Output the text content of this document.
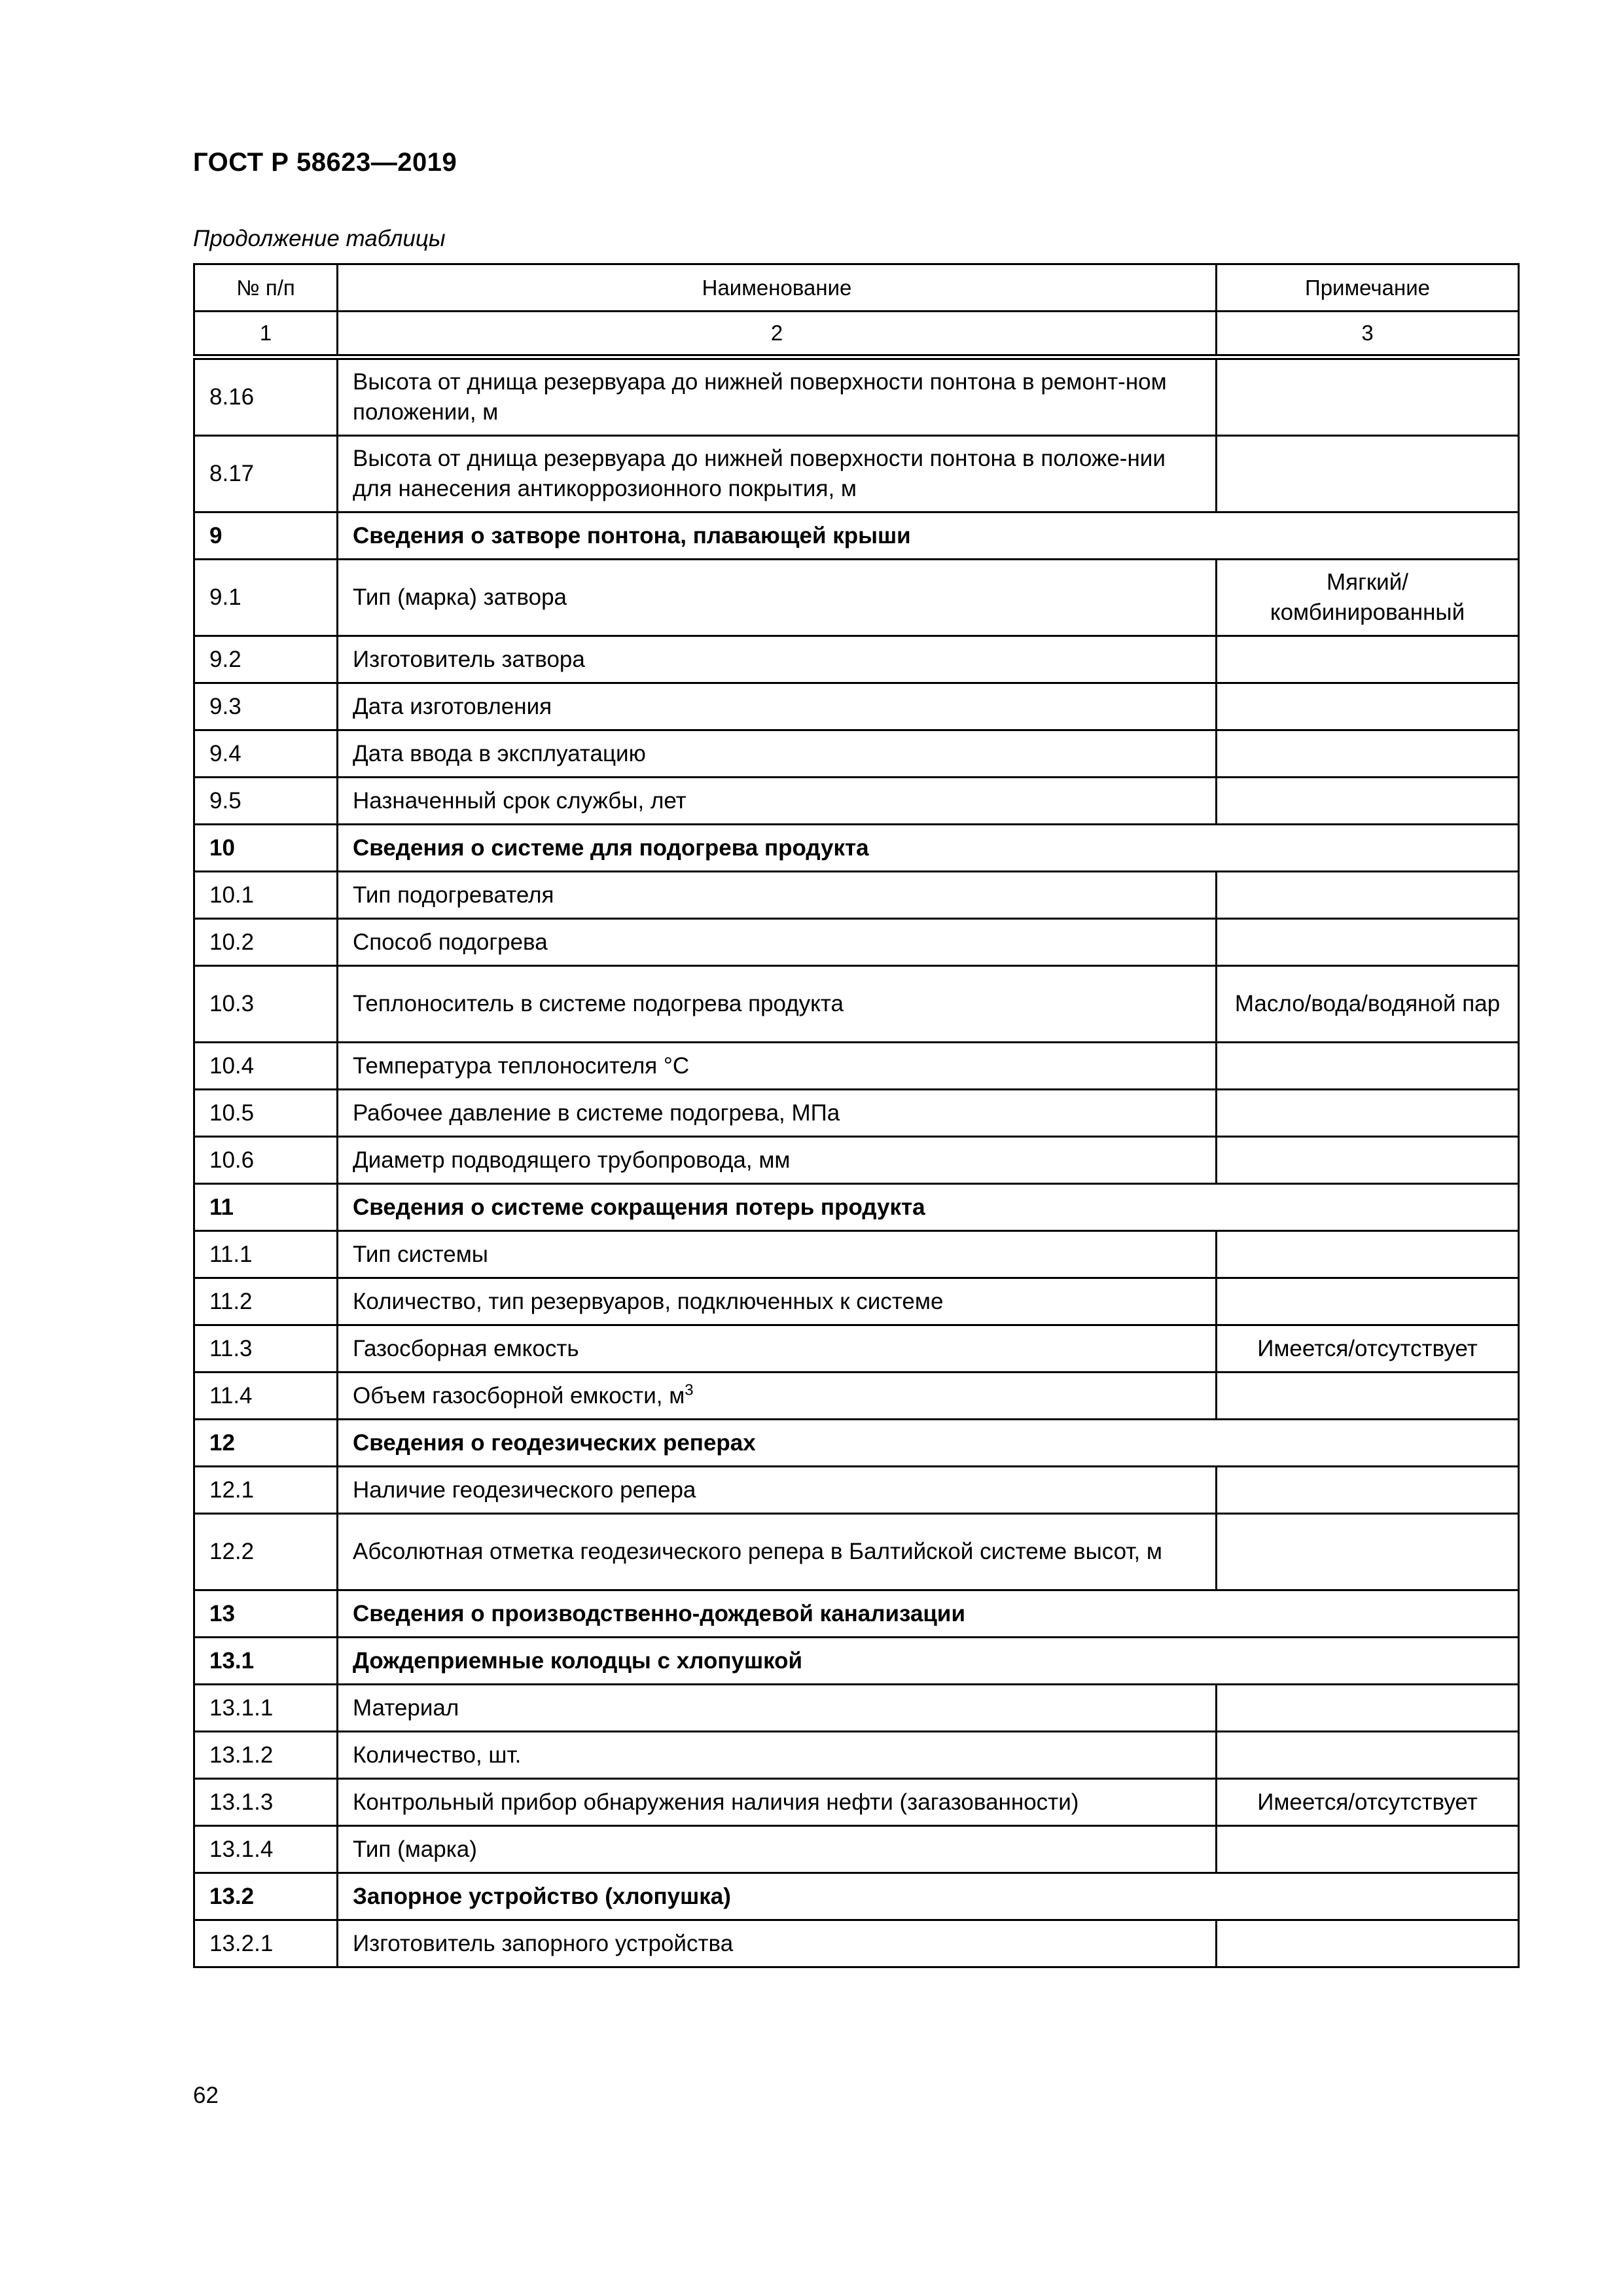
ГОСТ Р 58623—2019
Продолжение таблицы
№ п/п	Наименование	Примечание
1	2	3
8.16	Высота от днища резервуара до нижней поверхности понтона в ремонт-ном положении, м	
8.17	Высота от днища резервуара до нижней поверхности понтона в положе-нии для нанесения антикоррозионного покрытия, м	
9	Сведения о затворе понтона, плавающей крыши	
9.1	Тип (марка) затвора	Мягкий/ комбинированный
9.2	Изготовитель затвора	
9.3	Дата изготовления	
9.4	Дата ввода в эксплуатацию	
9.5	Назначенный срок службы, лет	
10	Сведения о системе для подогрева продукта	
10.1	Тип подогревателя	
10.2	Способ подогрева	
10.3	Теплоноситель в системе подогрева продукта	Масло/вода/водяной пар
10.4	Температура теплоносителя °С	
10.5	Рабочее давление в системе подогрева, МПа	
10.6	Диаметр подводящего трубопровода, мм	
11	Сведения о системе сокращения потерь продукта	
11.1	Тип системы	
11.2	Количество, тип резервуаров, подключенных к системе	
11.3	Газосборная емкость	Имеется/отсутствует
11.4	Объем газосборной емкости, $м^3$	
12	Сведения о геодезических реперах	
12.1	Наличие геодезического репера	
12.2	Абсолютная отметка геодезического репера в Балтийской системе высот, м	
13	Сведения о производственно-дождевой канализации	
13.1	Дождеприемные колодцы с хлопушкой	
13.1.1	Материал	
13.1.2	Количество, шт.	
13.1.3	Контрольный прибор обнаружения наличия нефти (загазованности)	Имеется/отсутствует
13.1.4	Тип (марка)	
13.2	Запорное устройство (хлопушка)	
13.2.1	Изготовитель запорного устройства	
62
